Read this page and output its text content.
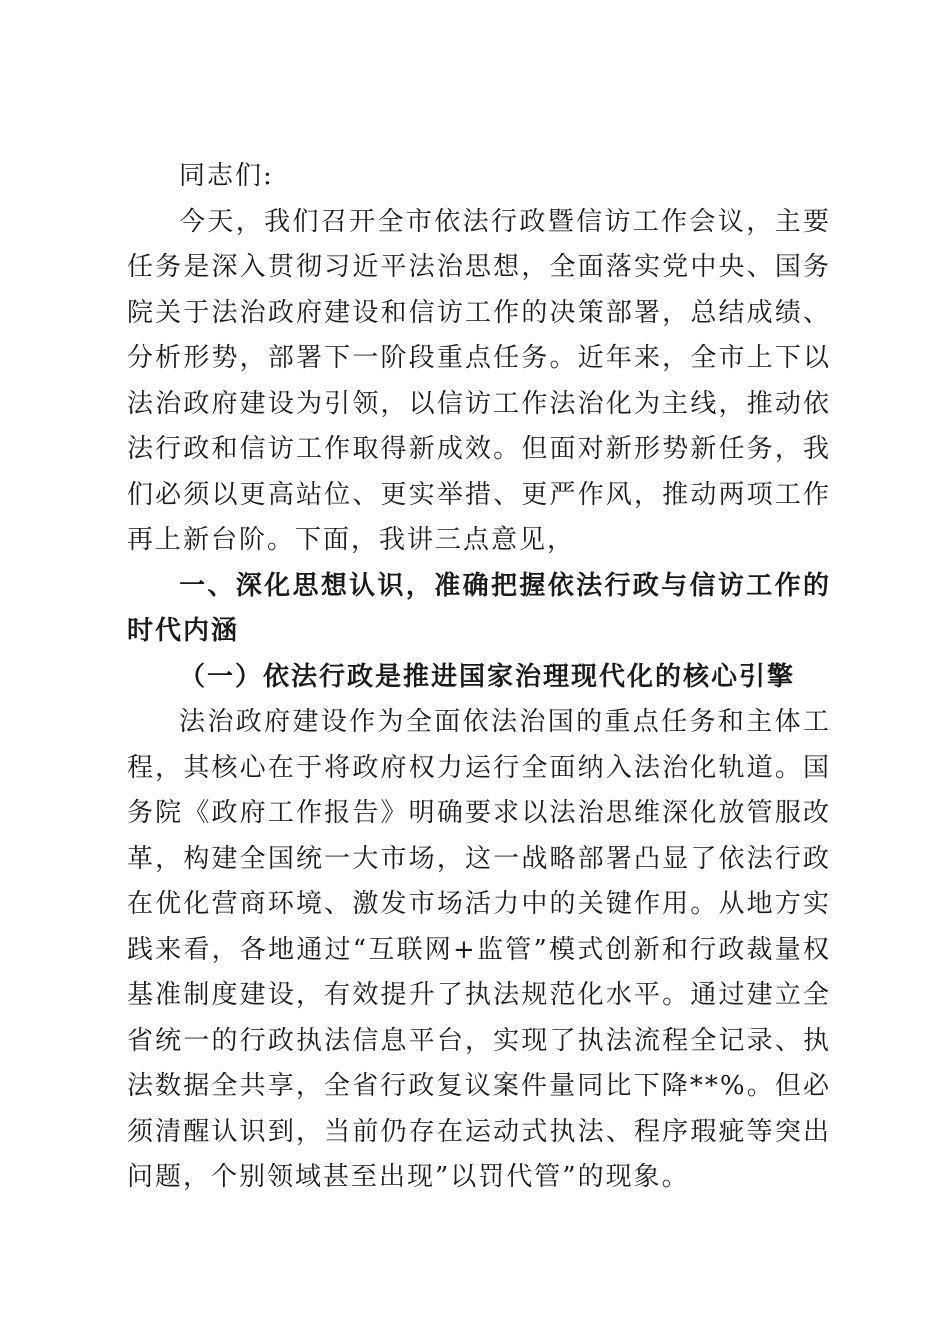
同志们:

今天，我们召开全市依法行政暨信访工作会议，主要任务是深入贯彻习近平法治思想，全面落实党中央、国务院关于法治政府建设和信访工作的决策部署，总结成绩、分析形势，部署下一阶段重点任务。近年来，全市上下以法治政府建设为引领，以信访工作法治化为主线，推动依法行政和信访工作取得新成效。但面对新形势新任务，我们必须以更高站位、更实举措、更严作风，推动两项工作再上新台阶。下面，我讲三点意见，

一、深化思想认识，准确把握依法行政与信访工作的时代内涵

（一）依法行政是推进国家治理现代化的核心引擎

法治政府建设作为全面依法治国的重点任务和主体工程，其核心在于将政府权力运行全面纳入法治化轨道。国务院《政府工作报告》明确要求以法治思维深化放管服改革，构建全国统一大市场，这一战略部署凸显了依法行政在优化营商环境、激发市场活力中的关键作用。从地方实践来看，各地通过“互联网+监管”模式创新和行政裁量权基准制度建设，有效提升了执法规范化水平。通过建立全省统一的行政执法信息平台，实现了执法流程全记录、执法数据全共享，全省行政复议案件量同比下降**%。但必须清醒认识到，当前仍存在运动式执法、程序瑕疵等突出问题，个别领域甚至出现”以罚代管”的现象。
